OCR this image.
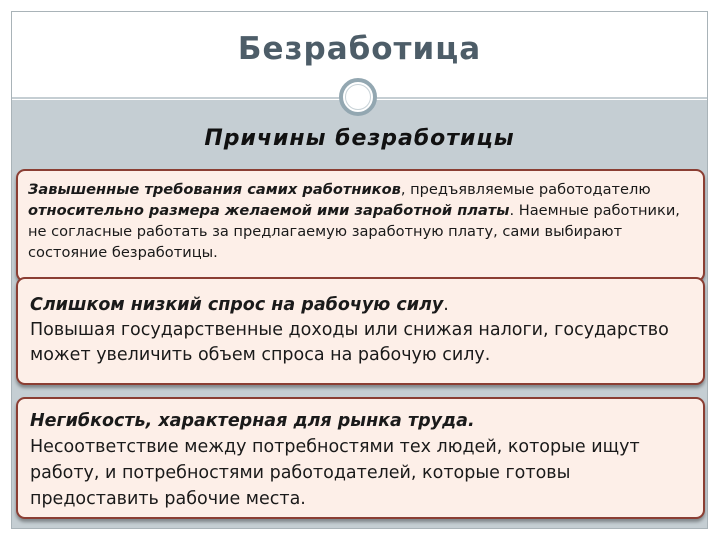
Безработица
Причины безработицы
Завышенные требования самих работников, предъявляемые работодателю относительно размера желаемой ими заработной платы. Наемные работники, не согласные работать за предлагаемую заработную плату, сами выбирают состояние безработицы.
Слишком низкий спрос на рабочую силу.
Повышая государственные доходы или снижая налоги, государство может увеличить объем спроса на рабочую силу.
Негибкость, характерная для рынка труда.
Несоответствие между потребностями тех людей, которые ищут работу, и потребностями работодателей, которые готовы предоставить рабочие места.
